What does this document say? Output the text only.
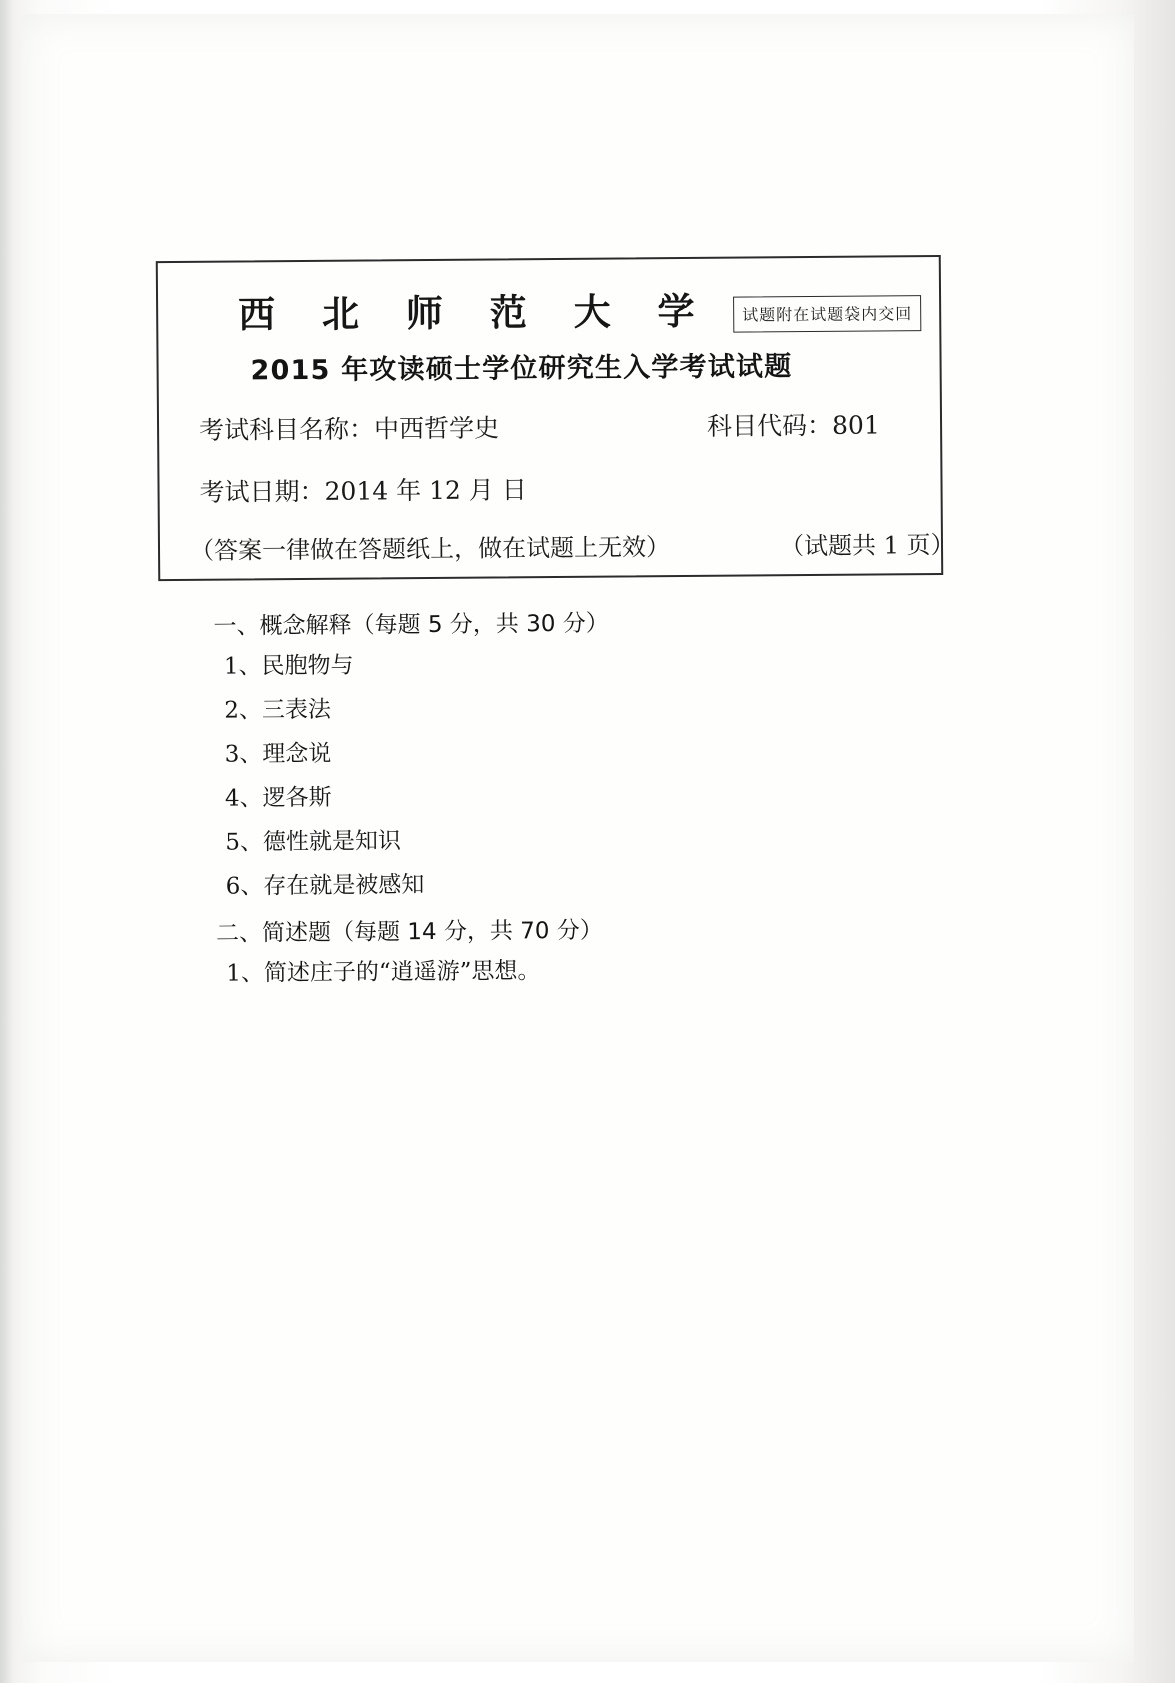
西 北 师 范 大 学	试题附在试题袋内交回
2015 年攻读硕士学位研究生入学考试试题
考试科目名称：中西哲学史	科目代码：801
考试日期：2014 年 12 月 日
（答案一律做在答题纸上，做在试题上无效）	（试题共 1 页）

一、概念解释（每题 5 分，共 30 分）

1、民胞物与

2、三表法

3、理念说

4、逻各斯

5、德性就是知识

6、存在就是被感知

二、简述题（每题 14 分，共 70 分）

1、简述庄子的“逍遥游”思想。
